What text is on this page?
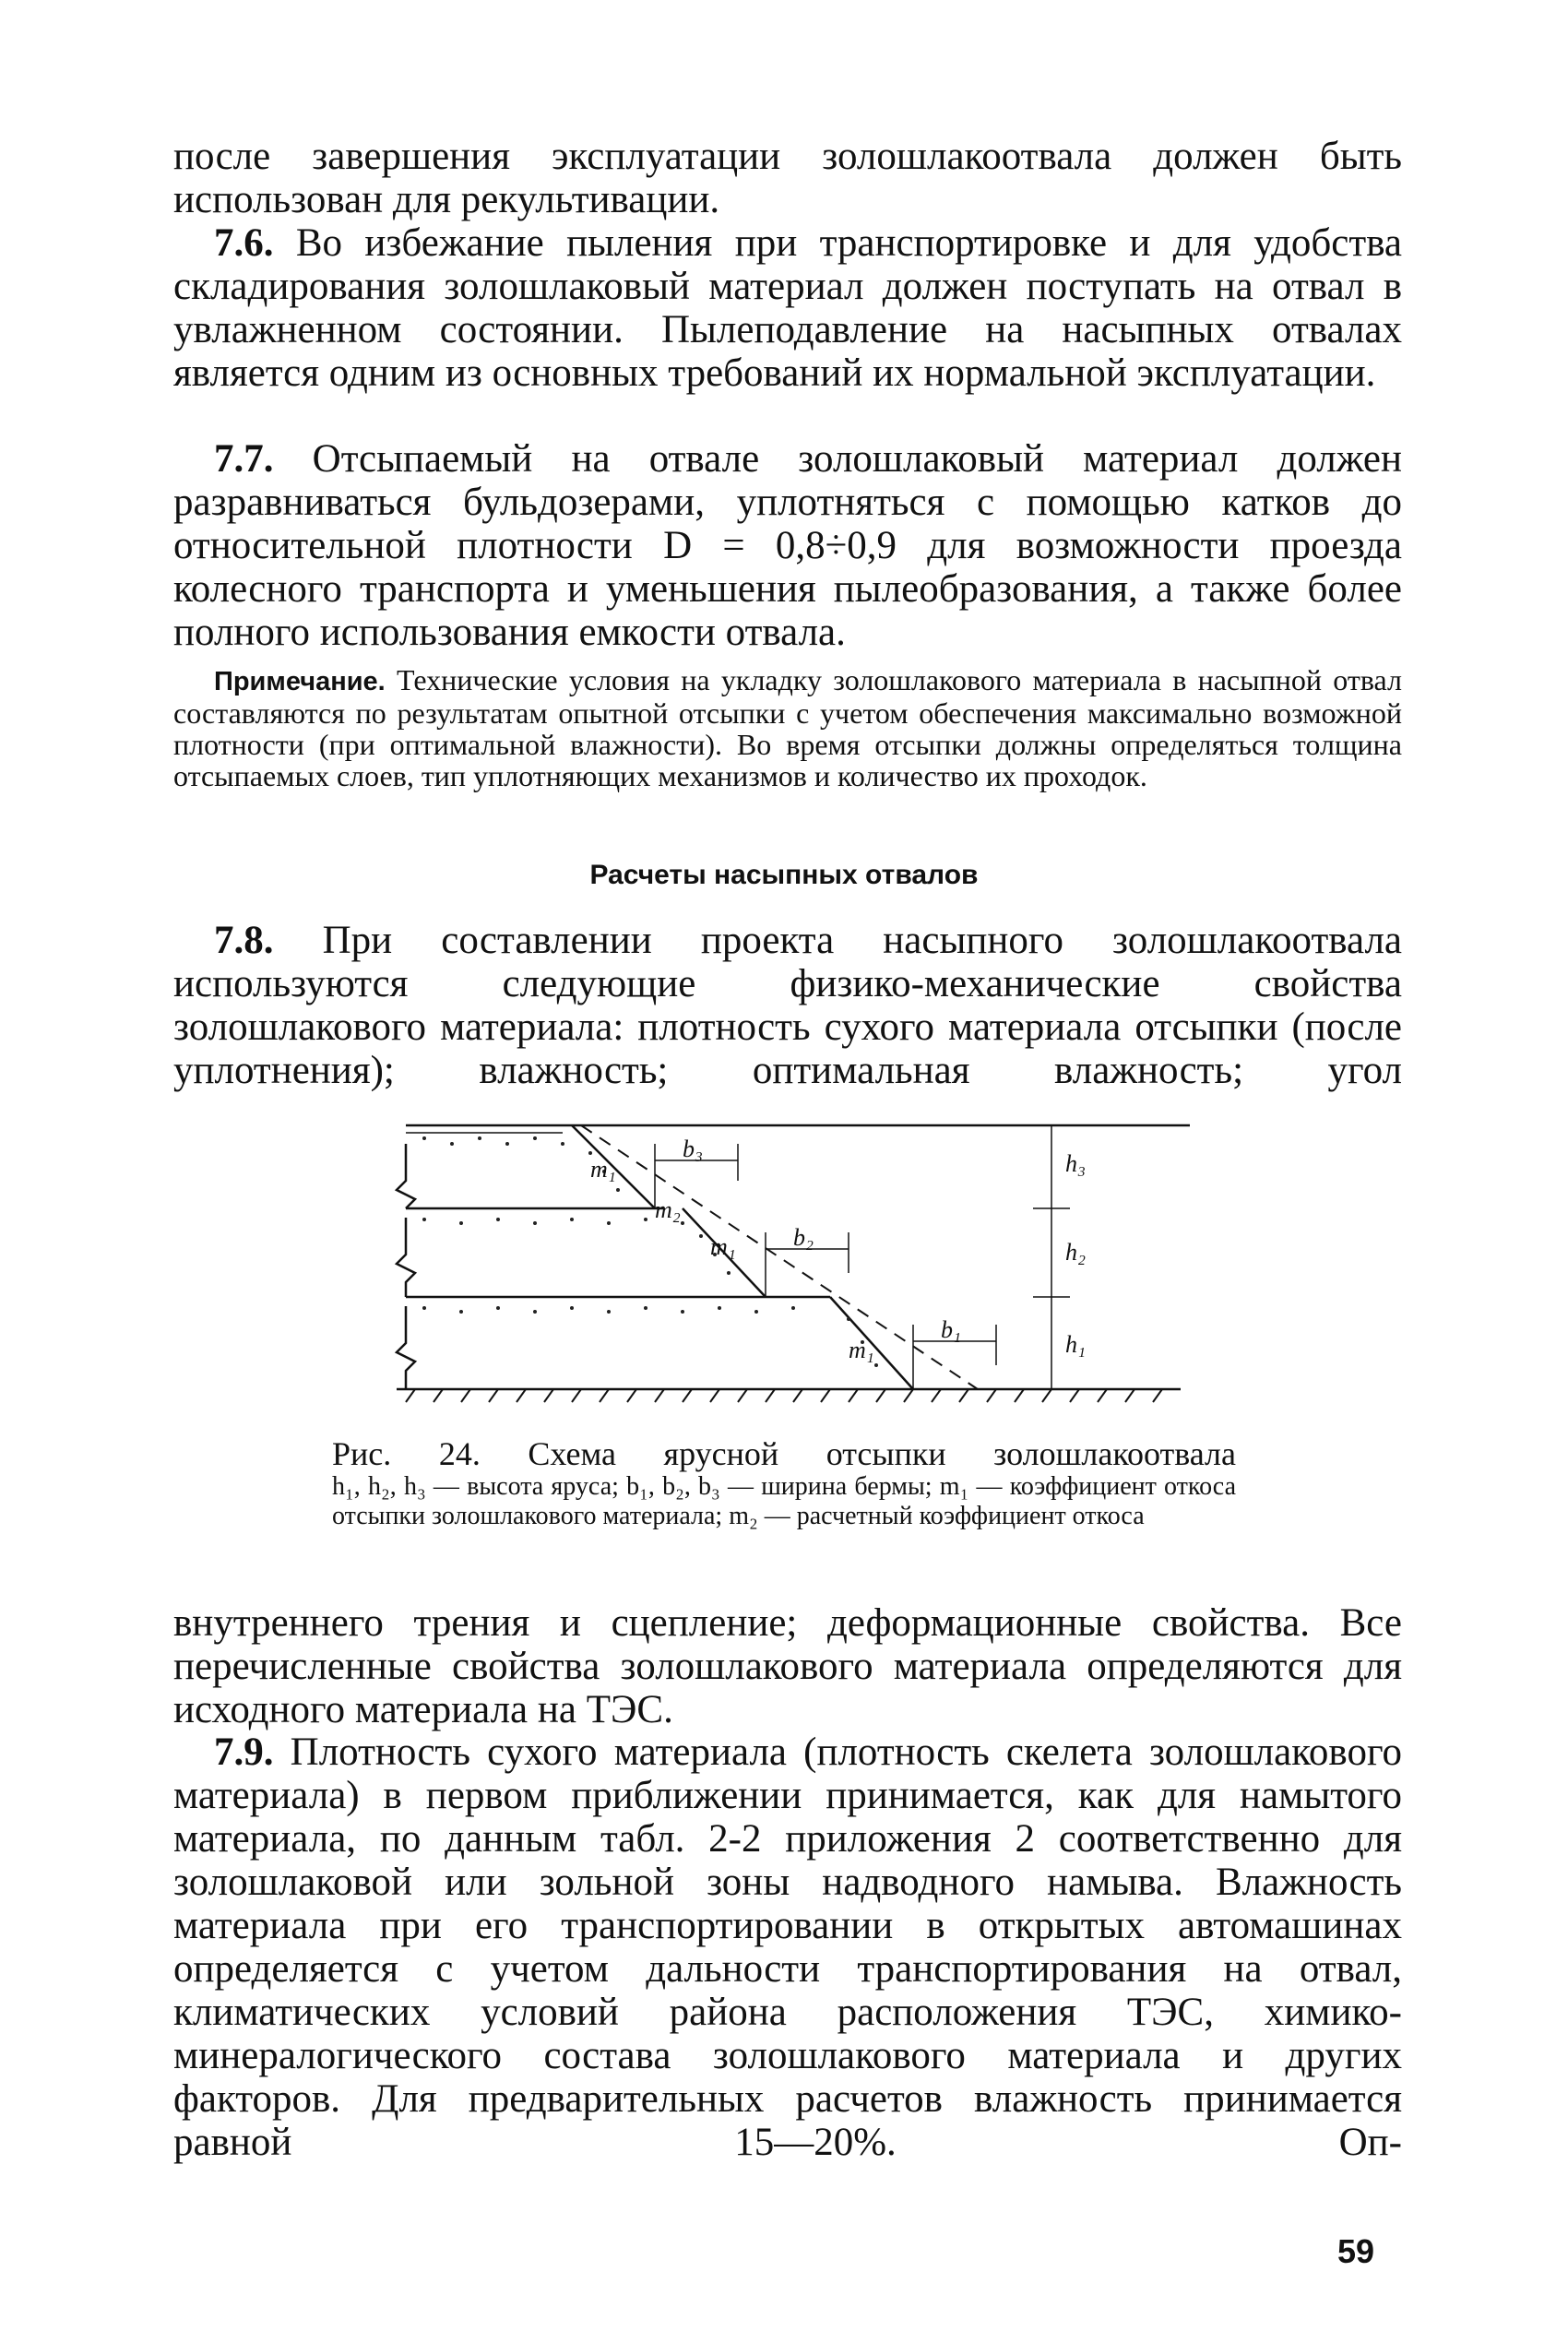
после завершения эксплуатации золошлакоотвала должен быть использован для рекультивации.

7.6. Во избежание пыления при транспортировке и для удобства складирования золошлаковый материал должен поступать на отвал в увлажненном состоянии. Пылеподавление на насыпных отвалах является одним из основных требований их нормальной эксплуатации.

7.7. Отсыпаемый на отвале золошлаковый материал должен разравниваться бульдозерами, уплотняться с помощью катков до относительной плотности D = 0,8÷0,9 для возможности проезда колесного транспорта и уменьшения пылеобразования, а также более полного использования емкости отвала.

Примечание. Технические условия на укладку золошлакового материала в насыпной отвал составляются по результатам опытной отсыпки с учетом обеспечения максимально возможной плотности (при оптимальной влажности). Во время отсыпки должны определяться толщина отсыпаемых слоев, тип уплотняющих механизмов и количество их проходок.

Расчеты насыпных отвалов

7.8. При составлении проекта насыпного золошлакоотвала используются следующие физико-механические свойства золошлакового материала: плотность сухого материала отсыпки (после уплотнения); влажность; оптимальная влажность; угол

b₃
b₂
b₁
m₁
m₁
m₁
m₂
h₃
h₂
h₁
Рис. 24. Схема ярусной отсыпки золошлакоотвала
h₁, h₂, h₃ — высота яруса; b₁, b₂, b₃ — ширина бермы; m₁ — коэффициент откоса отсыпки золошлакового материала; m₂ — расчетный коэффициент откоса

внутреннего трения и сцепление; деформационные свойства. Все перечисленные свойства золошлакового материала определяются для исходного материала на ТЭС.

7.9. Плотность сухого материала (плотность скелета золошлакового материала) в первом приближении принимается, как для намытого материала, по данным табл. 2-2 приложения 2 соответственно для золошлаковой или зольной зоны надводного намыва. Влажность материала при его транспортировании в открытых автомашинах определяется с учетом дальности транспортирования на отвал, климатических условий района расположения ТЭС, химико-минералогического состава золошлакового материала и других факторов. Для предварительных расчетов влажность принимается равной 15—20%. Оп-

59
